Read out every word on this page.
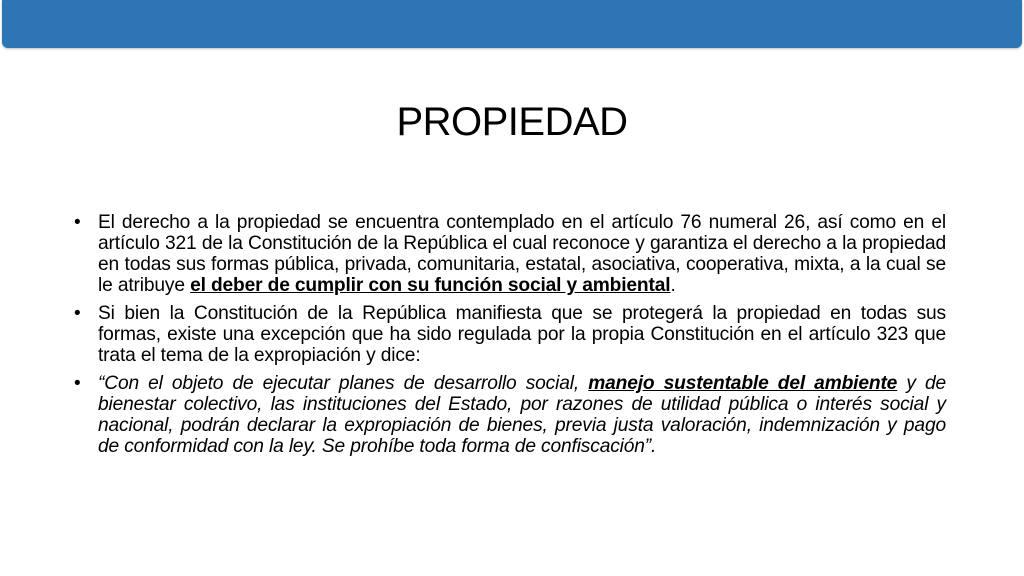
PROPIEDAD
• El derecho a la propiedad se encuentra contemplado en el artículo 76 numeral 26, así como en el artículo 321 de la Constitución de la República el cual reconoce y garantiza el derecho a la propiedad en todas sus formas pública, privada, comunitaria, estatal, asociativa, cooperativa, mixta, a la cual se le atribuye el deber de cumplir con su función social y ambiental.
• Si bien la Constitución de la República manifiesta que se protegerá la propiedad en todas sus formas, existe una excepción que ha sido regulada por la propia Constitución en el artículo 323 que trata el tema de la expropiación y dice:
• “Con el objeto de ejecutar planes de desarrollo social, manejo sustentable del ambiente y de bienestar colectivo, las instituciones del Estado, por razones de utilidad pública o interés social y nacional, podrán declarar la expropiación de bienes, previa justa valoración, indemnización y pago de conformidad con la ley. Se prohíbe toda forma de confiscación”.
